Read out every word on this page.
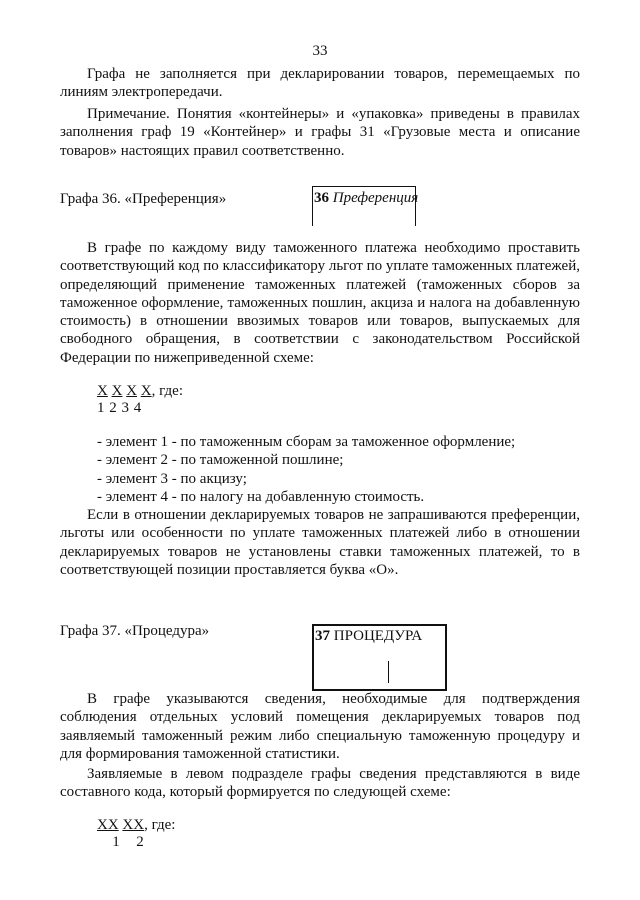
33

Графа не заполняется при декларировании товаров, перемещаемых по линиям электропередачи.

Примечание. Понятия «контейнеры» и «упаковка» приведены в правилах заполнения граф 19 «Контейнер» и графы 31 «Грузовые места и описание товаров» настоящих правил соответственно.

Графа 36. «Преференция»	36 Преференция

В графе по каждому виду таможенного платежа необходимо проставить соответствующий код по классификатору льгот по уплате таможенных платежей, определяющий применение таможенных платежей (таможенных сборов за таможенное оформление, таможенных пошлин, акциза и налога на добавленную стоимость) в отношении ввозимых товаров или товаров, выпускаемых для свободного обращения, в соответствии с законодательством Российской Федерации по нижеприведенной схеме:

Х Х Х Х, где:
1 2 3 4
- элемент 1 - по таможенным сборам за таможенное оформление;
- элемент 2 - по таможенной пошлине;
- элемент 3 - по акцизу;
- элемент 4 - по налогу на добавленную стоимость.

Если в отношении декларируемых товаров не запрашиваются преференции, льготы или особенности по уплате таможенных платежей либо в отношении декларируемых товаров не установлены ставки таможенных платежей, то в соответствующей позиции проставляется буква «О».

Графа 37. «Процедура»	37 ПРОЦЕДУРА

В графе указываются сведения, необходимые для подтверждения соблюдения отдельных условий помещения декларируемых товаров под заявляемый таможенный режим либо специальную таможенную процедуру и для формирования таможенной статистики.

Заявляемые в левом подразделе графы сведения представляются в виде составного кода, который формируется по следующей схеме:

ХХ ХХ, где:
1 2
